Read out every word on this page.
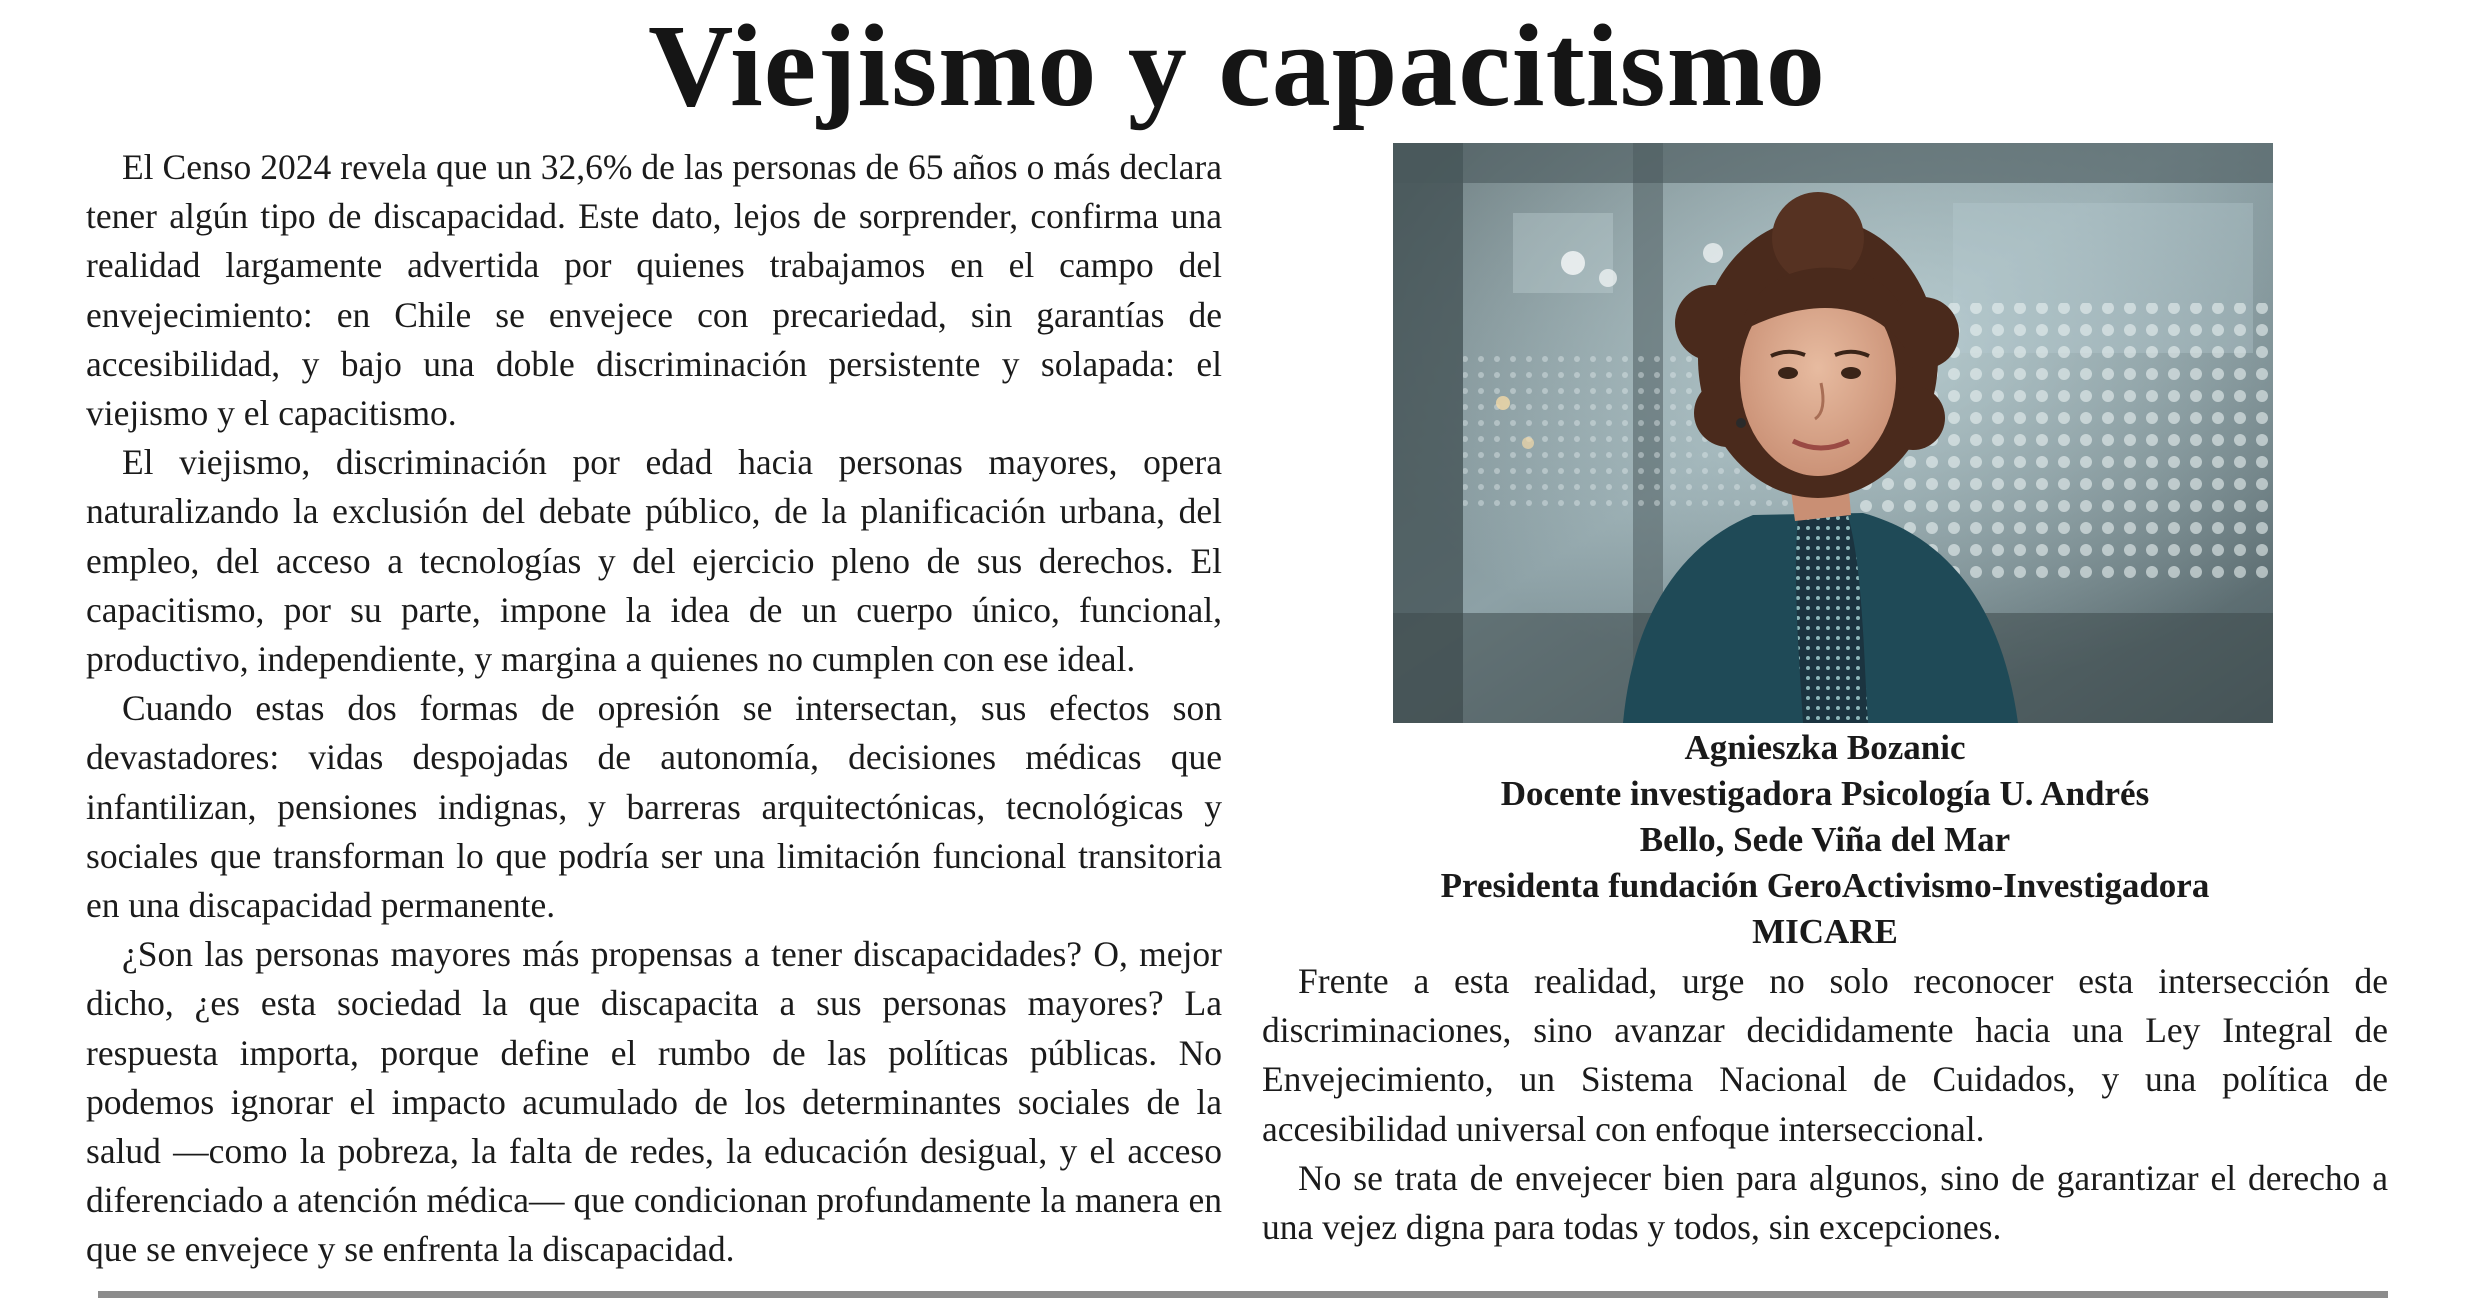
Viejismo y capacitismo

El Censo 2024 revela que un 32,6% de las personas de 65 años o más declara tener algún tipo de discapacidad. Este dato, lejos de sorprender, confirma una realidad largamente advertida por quienes trabajamos en el campo del envejecimiento: en Chile se envejece con precariedad, sin garantías de accesibilidad, y bajo una doble discriminación persistente y solapada: el viejismo y el capacitismo.

El viejismo, discriminación por edad hacia personas mayores, opera naturalizando la exclusión del debate público, de la planificación urbana, del empleo, del acceso a tecnologías y del ejercicio pleno de sus derechos. El capacitismo, por su parte, impone la idea de un cuerpo único, funcional, productivo, independiente, y margina a quienes no cumplen con ese ideal.

Cuando estas dos formas de opresión se intersectan, sus efectos son devastadores: vidas despojadas de autonomía, decisiones médicas que infantilizan, pensiones indignas, y barreras arquitectónicas, tecnológicas y sociales que transforman lo que podría ser una limitación funcional transitoria en una discapacidad permanente.

¿Son las personas mayores más propensas a tener discapacidades? O, mejor dicho, ¿es esta sociedad la que discapacita a sus personas mayores? La respuesta importa, porque define el rumbo de las políticas públicas. No podemos ignorar el impacto acumulado de los determinantes sociales de la salud —como la pobreza, la falta de redes, la educación desigual, y el acceso diferenciado a atención médica— que condicionan profundamente la manera en que se envejece y se enfrenta la discapacidad.

Agnieszka Bozanic
Docente investigadora Psicología U. Andrés
Bello, Sede Viña del Mar
Presidenta fundación GeroActivismo-Investigadora
MICARE

Frente a esta realidad, urge no solo reconocer esta intersección de discriminaciones, sino avanzar decididamente hacia una Ley Integral de Envejecimiento, un Sistema Nacional de Cuidados, y una política de accesibilidad universal con enfoque interseccional.

No se trata de envejecer bien para algunos, sino de garantizar el derecho a una vejez digna para todas y todos, sin excepciones.
